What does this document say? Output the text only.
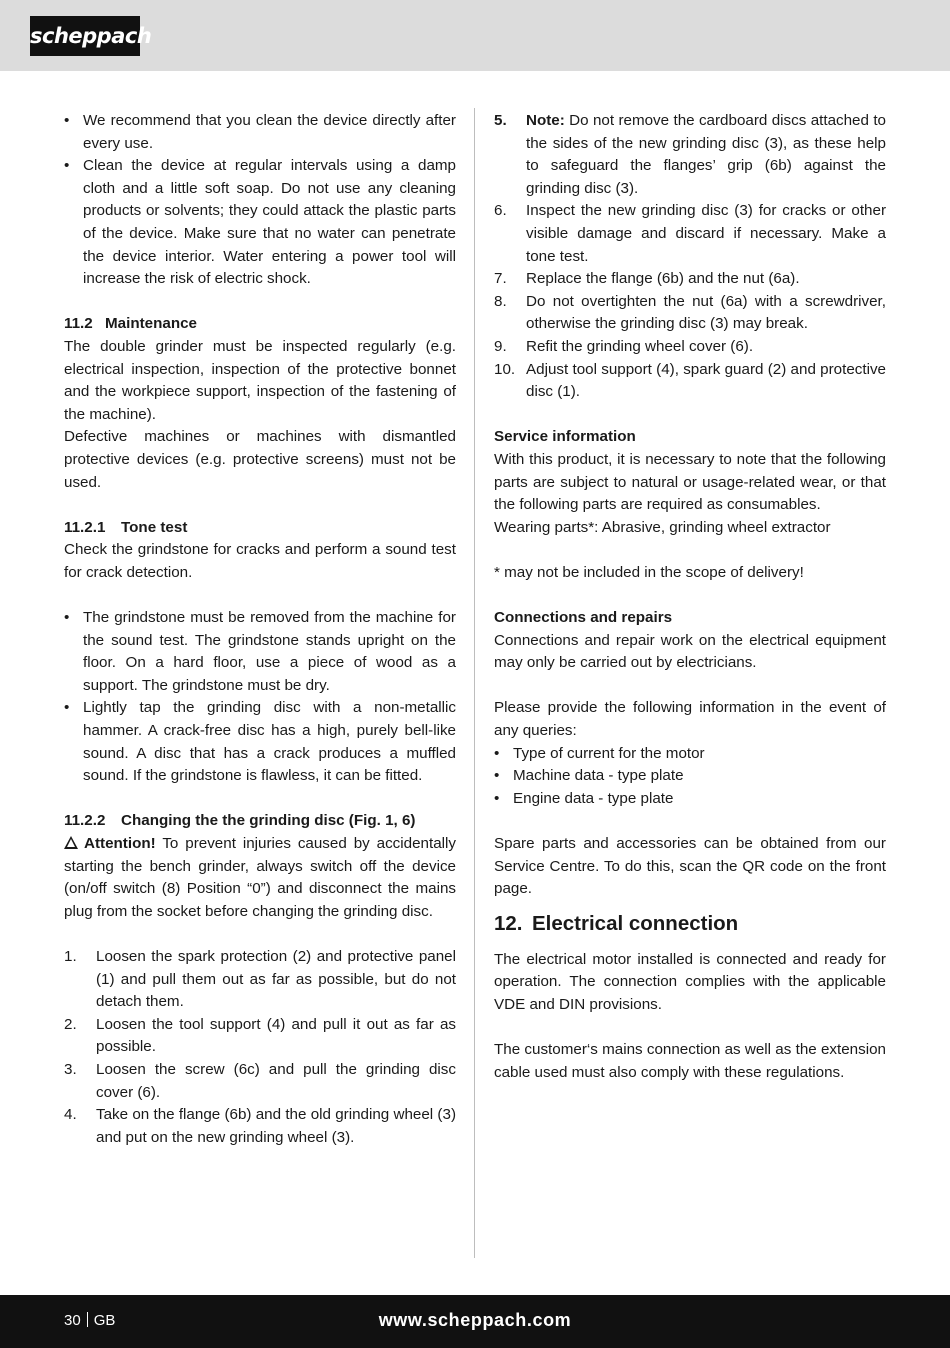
scheppach
• We recommend that you clean the device directly after every use.
• Clean the device at regular intervals using a damp cloth and a little soft soap. Do not use any cleaning products or solvents; they could attack the plastic parts of the device. Make sure that no water can penetrate the device interior. Water entering a power tool will increase the risk of electric shock.

11.2 Maintenance

The double grinder must be inspected regularly (e.g. electrical inspection, inspection of the protective bonnet and the workpiece support, inspection of the fastening of the machine).

Defective machines or machines with dismantled protective devices (e.g. protective screens) must not be used.

11.2.1 Tone test

Check the grindstone for cracks and perform a sound test for crack detection.

• The grindstone must be removed from the machine for the sound test. The grindstone stands upright on the floor. On a hard floor, use a piece of wood as a support. The grindstone must be dry.
• Lightly tap the grinding disc with a non-metallic hammer. A crack-free disc has a high, purely bell-like sound. A disc that has a crack produces a muffled sound. If the grindstone is flawless, it can be fitted.

11.2.2 Changing the the grinding disc (Fig. 1, 6)

Attention! To prevent injuries caused by accidentally starting the bench grinder, always switch off the device (on/off switch (8) Position “0”) and disconnect the mains plug from the socket before changing the grinding disc.

1. Loosen the spark protection (2) and protective panel (1) and pull them out as far as possible, but do not detach them.
2. Loosen the tool support (4) and pull it out as far as possible.
3. Loosen the screw (6c) and pull the grinding disc cover (6).
4. Take on the flange (6b) and the old grinding wheel (3) and put on the new grinding wheel (3).
5. Note: Do not remove the cardboard discs attached to the sides of the new grinding disc (3), as these help to safeguard the flanges’ grip (6b) against the grinding disc (3).
6. Inspect the new grinding disc (3) for cracks or other visible damage and discard if necessary. Make a tone test.
7. Replace the flange (6b) and the nut (6a).
8. Do not overtighten the nut (6a) with a screwdriver, otherwise the grinding disc (3) may break.
9. Refit the grinding wheel cover (6).
10. Adjust tool support (4), spark guard (2) and protective disc (1).

Service information

With this product, it is necessary to note that the following parts are subject to natural or usage-related wear, or that the following parts are required as consumables.

Wearing parts*: Abrasive, grinding wheel extractor

* may not be included in the scope of delivery!

Connections and repairs

Connections and repair work on the electrical equipment may only be carried out by electricians.

Please provide the following information in the event of any queries:

• Type of current for the motor
• Machine data - type plate
• Engine data - type plate

Spare parts and accessories can be obtained from our Service Centre. To do this, scan the QR code on the front page.

12. Electrical connection

The electrical motor installed is connected and ready for operation. The connection complies with the applicable VDE and DIN provisions.

The customer‘s mains connection as well as the extension cable used must also comply with these regulations.

30 GB	www.scheppach.com
